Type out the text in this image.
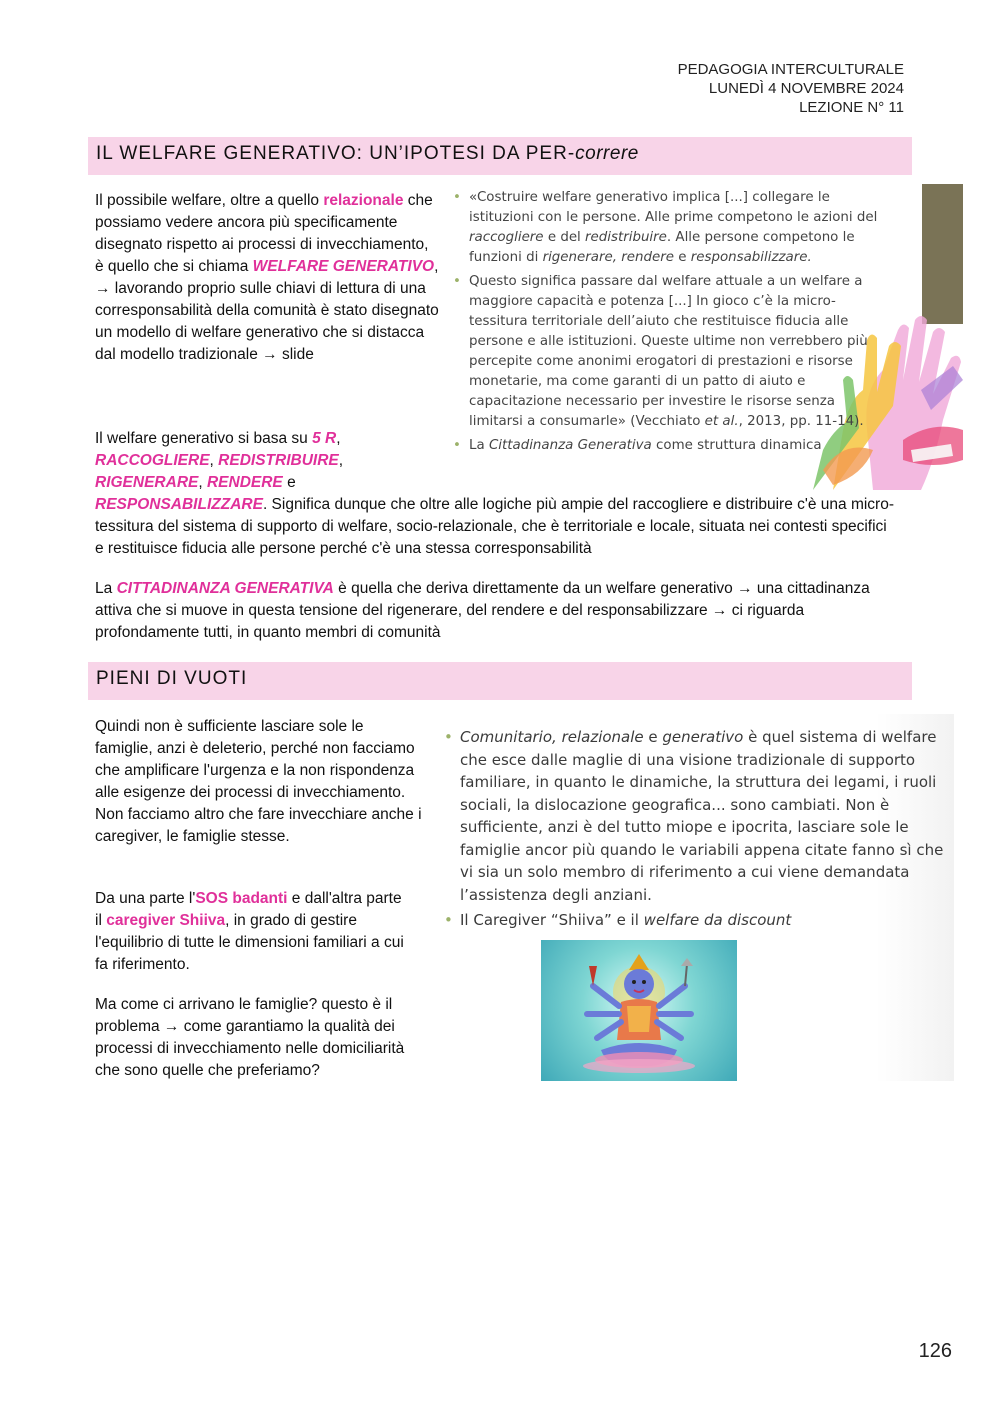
PEDAGOGIA INTERCULTURALE
LUNEDÌ 4 NOVEMBRE 2024
LEZIONE N° 11
IL WELFARE GENERATIVO: UN’IPOTESI DA PER-correre
Il possibile welfare, oltre a quello relazionale che possiamo vedere ancora più specificamente disegnato rispetto ai processi di invecchiamento, è quello che si chiama WELFARE GENERATIVO, → lavorando proprio sulle chiavi di lettura di una corresponsabilità della comunità è stato disegnato un modello di welfare generativo che si distacca dal modello tradizionale → slide
• «Costruire welfare generativo implica [...] collegare le istituzioni con le persone. Alle prime competono le azioni del raccogliere e del redistribuire. Alle persone competono le funzioni di rigenerare, rendere e responsabilizzare.
• Questo significa passare dal welfare attuale a un welfare a maggiore capacità e potenza [...] In gioco c’è la micro-tessitura territoriale dell’aiuto che restituisce fiducia alle persone e alle istituzioni. Queste ultime non verrebbero più percepite come anonimi erogatori di prestazioni e risorse monetarie, ma come garanti di un patto di aiuto e capacitazione necessario per investire le risorse senza limitarsi a consumarle» (Vecchiato et al., 2013, pp. 11-14).
• La Cittadinanza Generativa come struttura dinamica
Il welfare generativo si basa su 5 R,
RACCOGLIERE, REDISTRIBUIRE,
RIGENERARE, RENDERE e
RESPONSABILIZZARE. Significa dunque che oltre alle logiche più ampie del raccogliere e distribuire c'è una micro-tessitura del sistema di supporto di welfare, socio-relazionale, che è territoriale e locale, situata nei contesti specifici e restituisce fiducia alle persone perché c'è una stessa corresponsabilità
La CITTADINANZA GENERATIVA è quella che deriva direttamente da un welfare generativo → una cittadinanza attiva che si muove in questa tensione del rigenerare, del rendere e del responsabilizzare → ci riguarda profondamente tutti, in quanto membri di comunità
PIENI DI VUOTI
Quindi non è sufficiente lasciare sole le famiglie, anzi è deleterio, perché non facciamo che amplificare l'urgenza e la non rispondenza alle esigenze dei processi di invecchiamento. Non facciamo altro che fare invecchiare anche i caregiver, le famiglie stesse.
Da una parte l'SOS badanti e dall'altra parte il caregiver Shiiva, in grado di gestire l'equilibrio di tutte le dimensioni familiari a cui fa riferimento.
Ma come ci arrivano le famiglie? questo è il problema → come garantiamo la qualità dei processi di invecchiamento nelle domiciliarità che sono quelle che preferiamo?
• Comunitario, relazionale e generativo è quel sistema di welfare che esce dalle maglie di una visione tradizionale di supporto familiare, in quanto le dinamiche, la struttura dei legami, i ruoli sociali, la dislocazione geografica... sono cambiati. Non è sufficiente, anzi è del tutto miope e ipocrita, lasciare sole le famiglie ancor più quando le variabili appena citate fanno sì che vi sia un solo membro di riferimento a cui viene demandata l’assistenza degli anziani.
• Il Caregiver “Shiiva” e il welfare da discount
126
